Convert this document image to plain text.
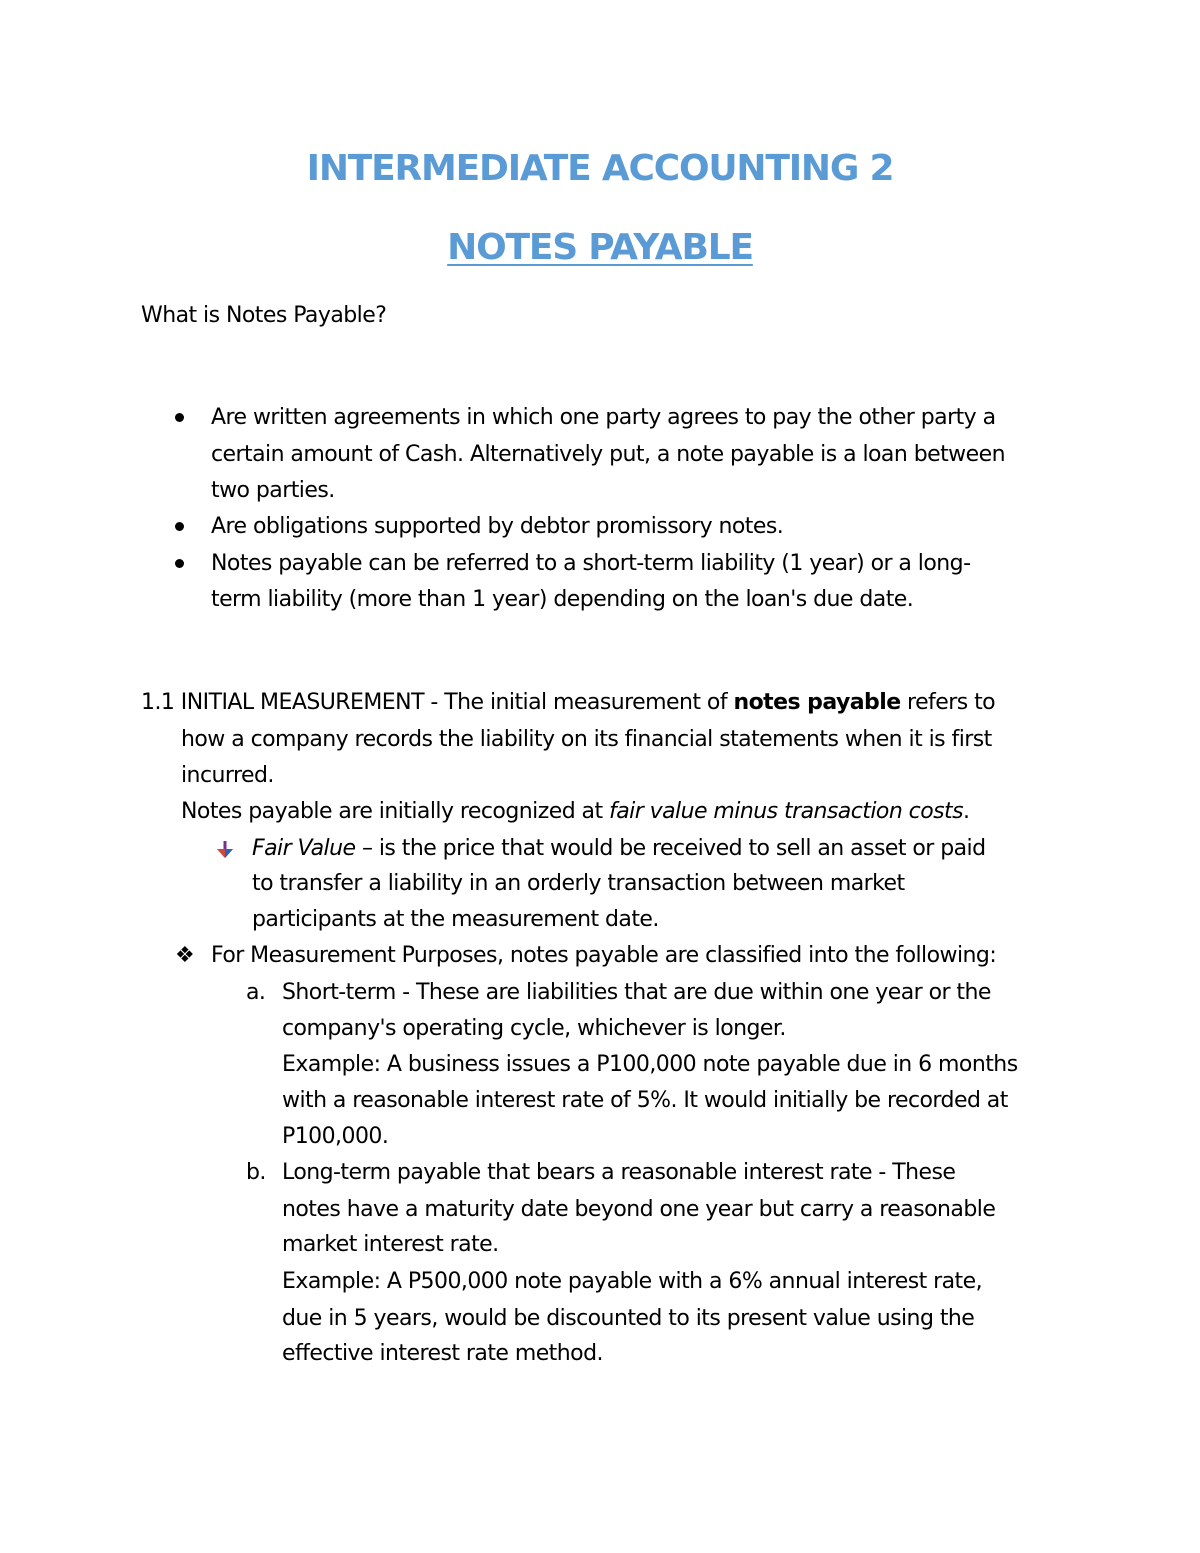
INTERMEDIATE ACCOUNTING 2
NOTES PAYABLE
What is Notes Payable?
Are written agreements in which one party agrees to pay the other party a
certain amount of Cash. Alternatively put, a note payable is a loan between
two parties.
Are obligations supported by debtor promissory notes.
Notes payable can be referred to a short-term liability (1 year) or a long-
term liability (more than 1 year) depending on the loan's due date.
1.1 INITIAL MEASUREMENT - The initial measurement of notes payable refers to
how a company records the liability on its financial statements when it is first
incurred.
Notes payable are initially recognized at fair value minus transaction costs.
Fair Value – is the price that would be received to sell an asset or paid
to transfer a liability in an orderly transaction between market
participants at the measurement date.
❖ For Measurement Purposes, notes payable are classified into the following:
a. Short-term - These are liabilities that are due within one year or the
company's operating cycle, whichever is longer.
Example: A business issues a P100,000 note payable due in 6 months
with a reasonable interest rate of 5%. It would initially be recorded at
P100,000.
b. Long-term payable that bears a reasonable interest rate - These
notes have a maturity date beyond one year but carry a reasonable
market interest rate.
Example: A P500,000 note payable with a 6% annual interest rate,
due in 5 years, would be discounted to its present value using the
effective interest rate method.
